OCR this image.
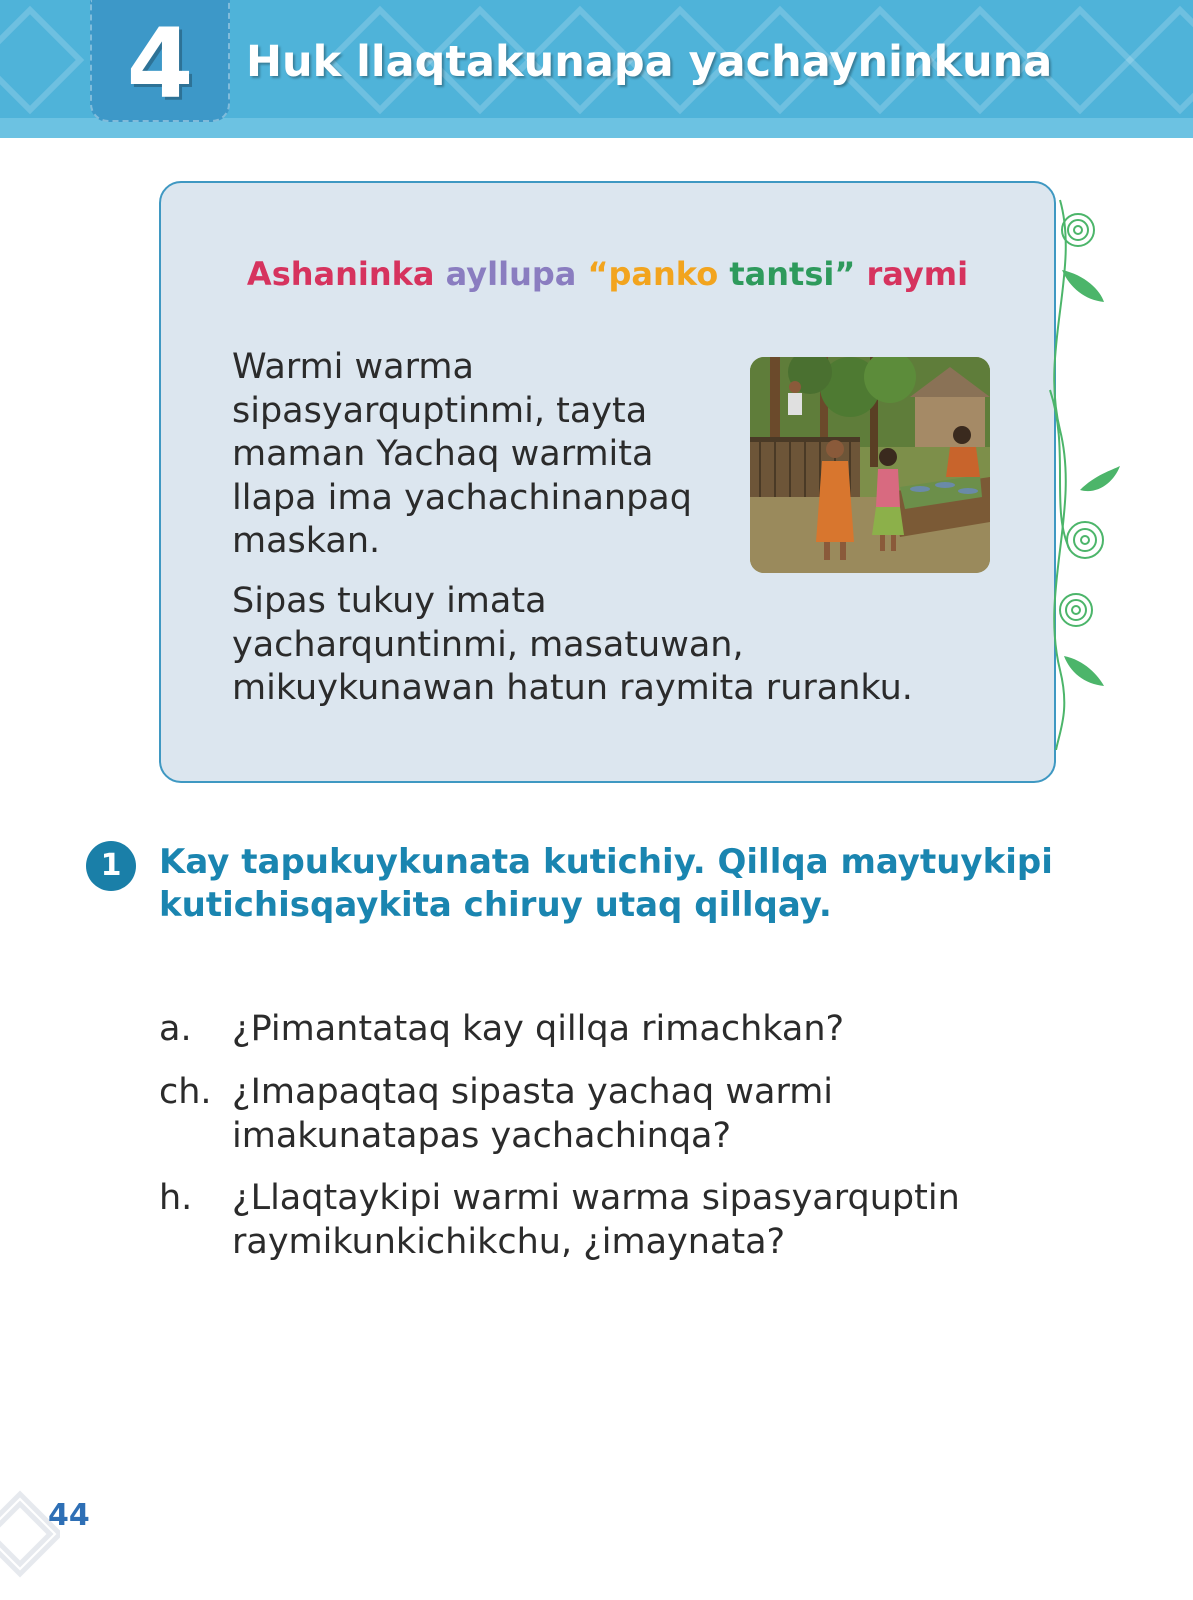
4	Huk llaqtakunapa yachayninkuna
Ashaninka ayllupa “panko tantsi” raymi
Warmi warma
sipasyarquptinmi, tayta
maman Yachaq warmita
llapa ima yachachinanpaq
maskan.
Sipas tukuy imata
yacharquntinmi, masatuwan,
mikuykunawan hatun raymita ruranku.
1	Kay tapukuykunata kutichiy. Qillqa maytuykipi
kutichisqaykita chiruy utaq qillqay.
a.	¿Pimantataq kay qillqa rimachkan?
ch. ¿Imapaqtaq sipasta yachaq warmi
imakunatapas yachachinqa?
h.	¿Llaqtaykipi warmi warma sipasyarquptin
raymikunkichikchu, ¿imaynata?
44
